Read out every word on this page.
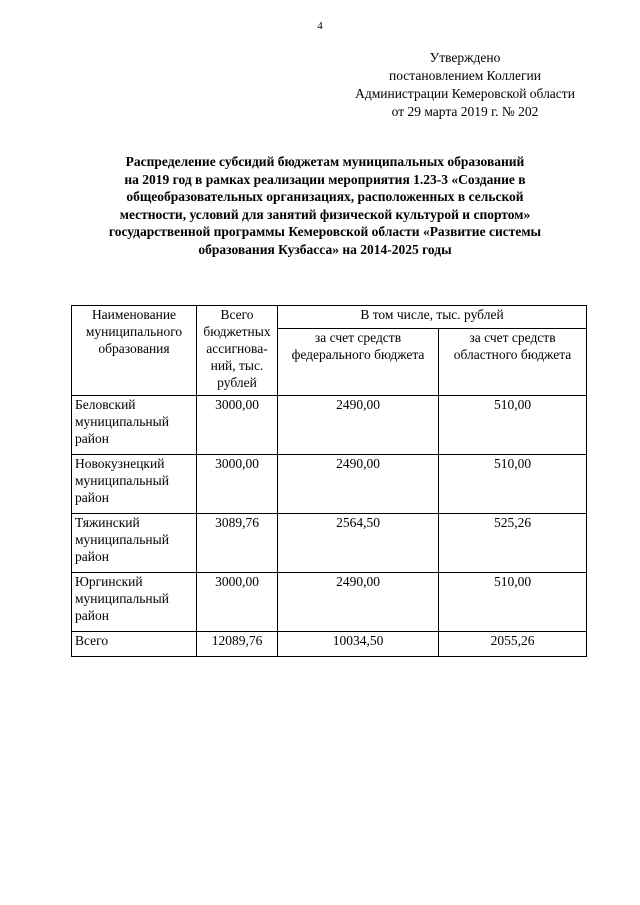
4
Утверждено
постановлением Коллегии
Администрации Кемеровской области
от 29 марта 2019 г. № 202
Распределение субсидий бюджетам муниципальных образований
на 2019 год в рамках реализации мероприятия 1.23-3 «Создание в
общеобразовательных организациях, расположенных в сельской
местности, условий для занятий физической культурой и спортом»
государственной программы Кемеровской области «Развитие системы
образования Кузбасса» на 2014-2025 годы
Наименование муниципального образования	Всего бюджетных ассигнова-ний, тыс. рублей	В том числе, тыс. рублей	
		за счет средств федерального бюджета	за счет средств областного бюджета
Беловский муниципальный район	3000,00	2490,00	510,00
Новокузнецкий муниципальный район	3000,00	2490,00	510,00
Тяжинский муниципальный район	3089,76	2564,50	525,26
Юргинский муниципальный район	3000,00	2490,00	510,00
Всего	12089,76	10034,50	2055,26
